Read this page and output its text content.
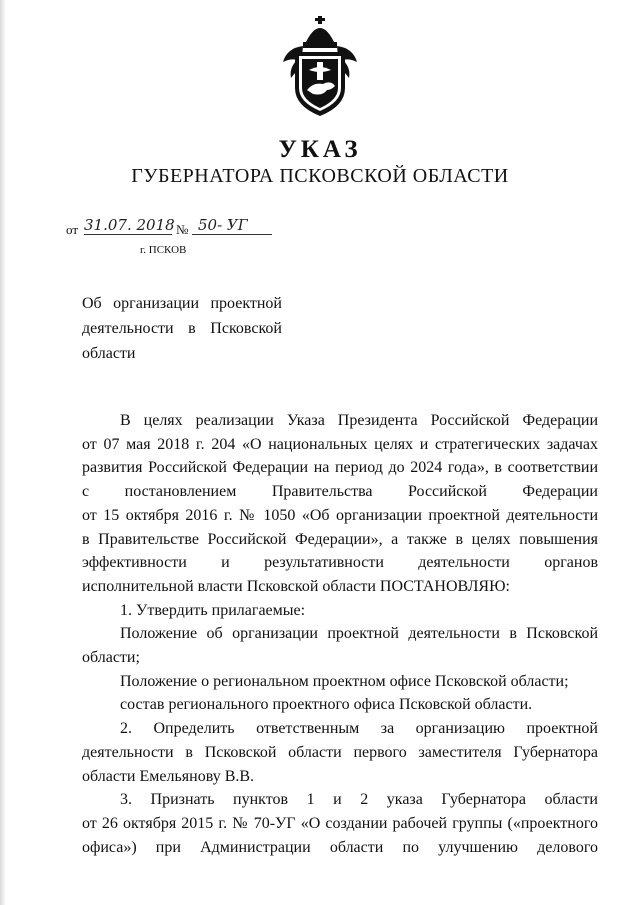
УКАЗ
ГУБЕРНАТОРА ПСКОВСКОЙ ОБЛАСТИ
от 31.07. 2018 № 50- УГ
г. ПСКОВ
Об организации проектной
деятельности в Псковской
области
В целях реализации Указа Президента Российской Федерации
от 07 мая 2018 г. 204 «О национальных целях и стратегических задачах
развития Российской Федерации на период до 2024 года», в соответствии
с постановлением Правительства Российской Федерации
от 15 октября 2016 г. № 1050 «Об организации проектной деятельности
в Правительстве Российской Федерации», а также в целях повышения
эффективности и результативности деятельности органов
исполнительной власти Псковской области ПОСТАНОВЛЯЮ:
1. Утвердить прилагаемые:
Положение об организации проектной деятельности в Псковской
области;
Положение о региональном проектном офисе Псковской области;
состав регионального проектного офиса Псковской области.
2. Определить ответственным за организацию проектной
деятельности в Псковской области первого заместителя Губернатора
области Емельянову В.В.
3. Признать пунктов 1 и 2 указа Губернатора области
от 26 октября 2015 г. № 70-УГ «О создании рабочей группы («проектного
офиса») при Администрации области по улучшению делового
